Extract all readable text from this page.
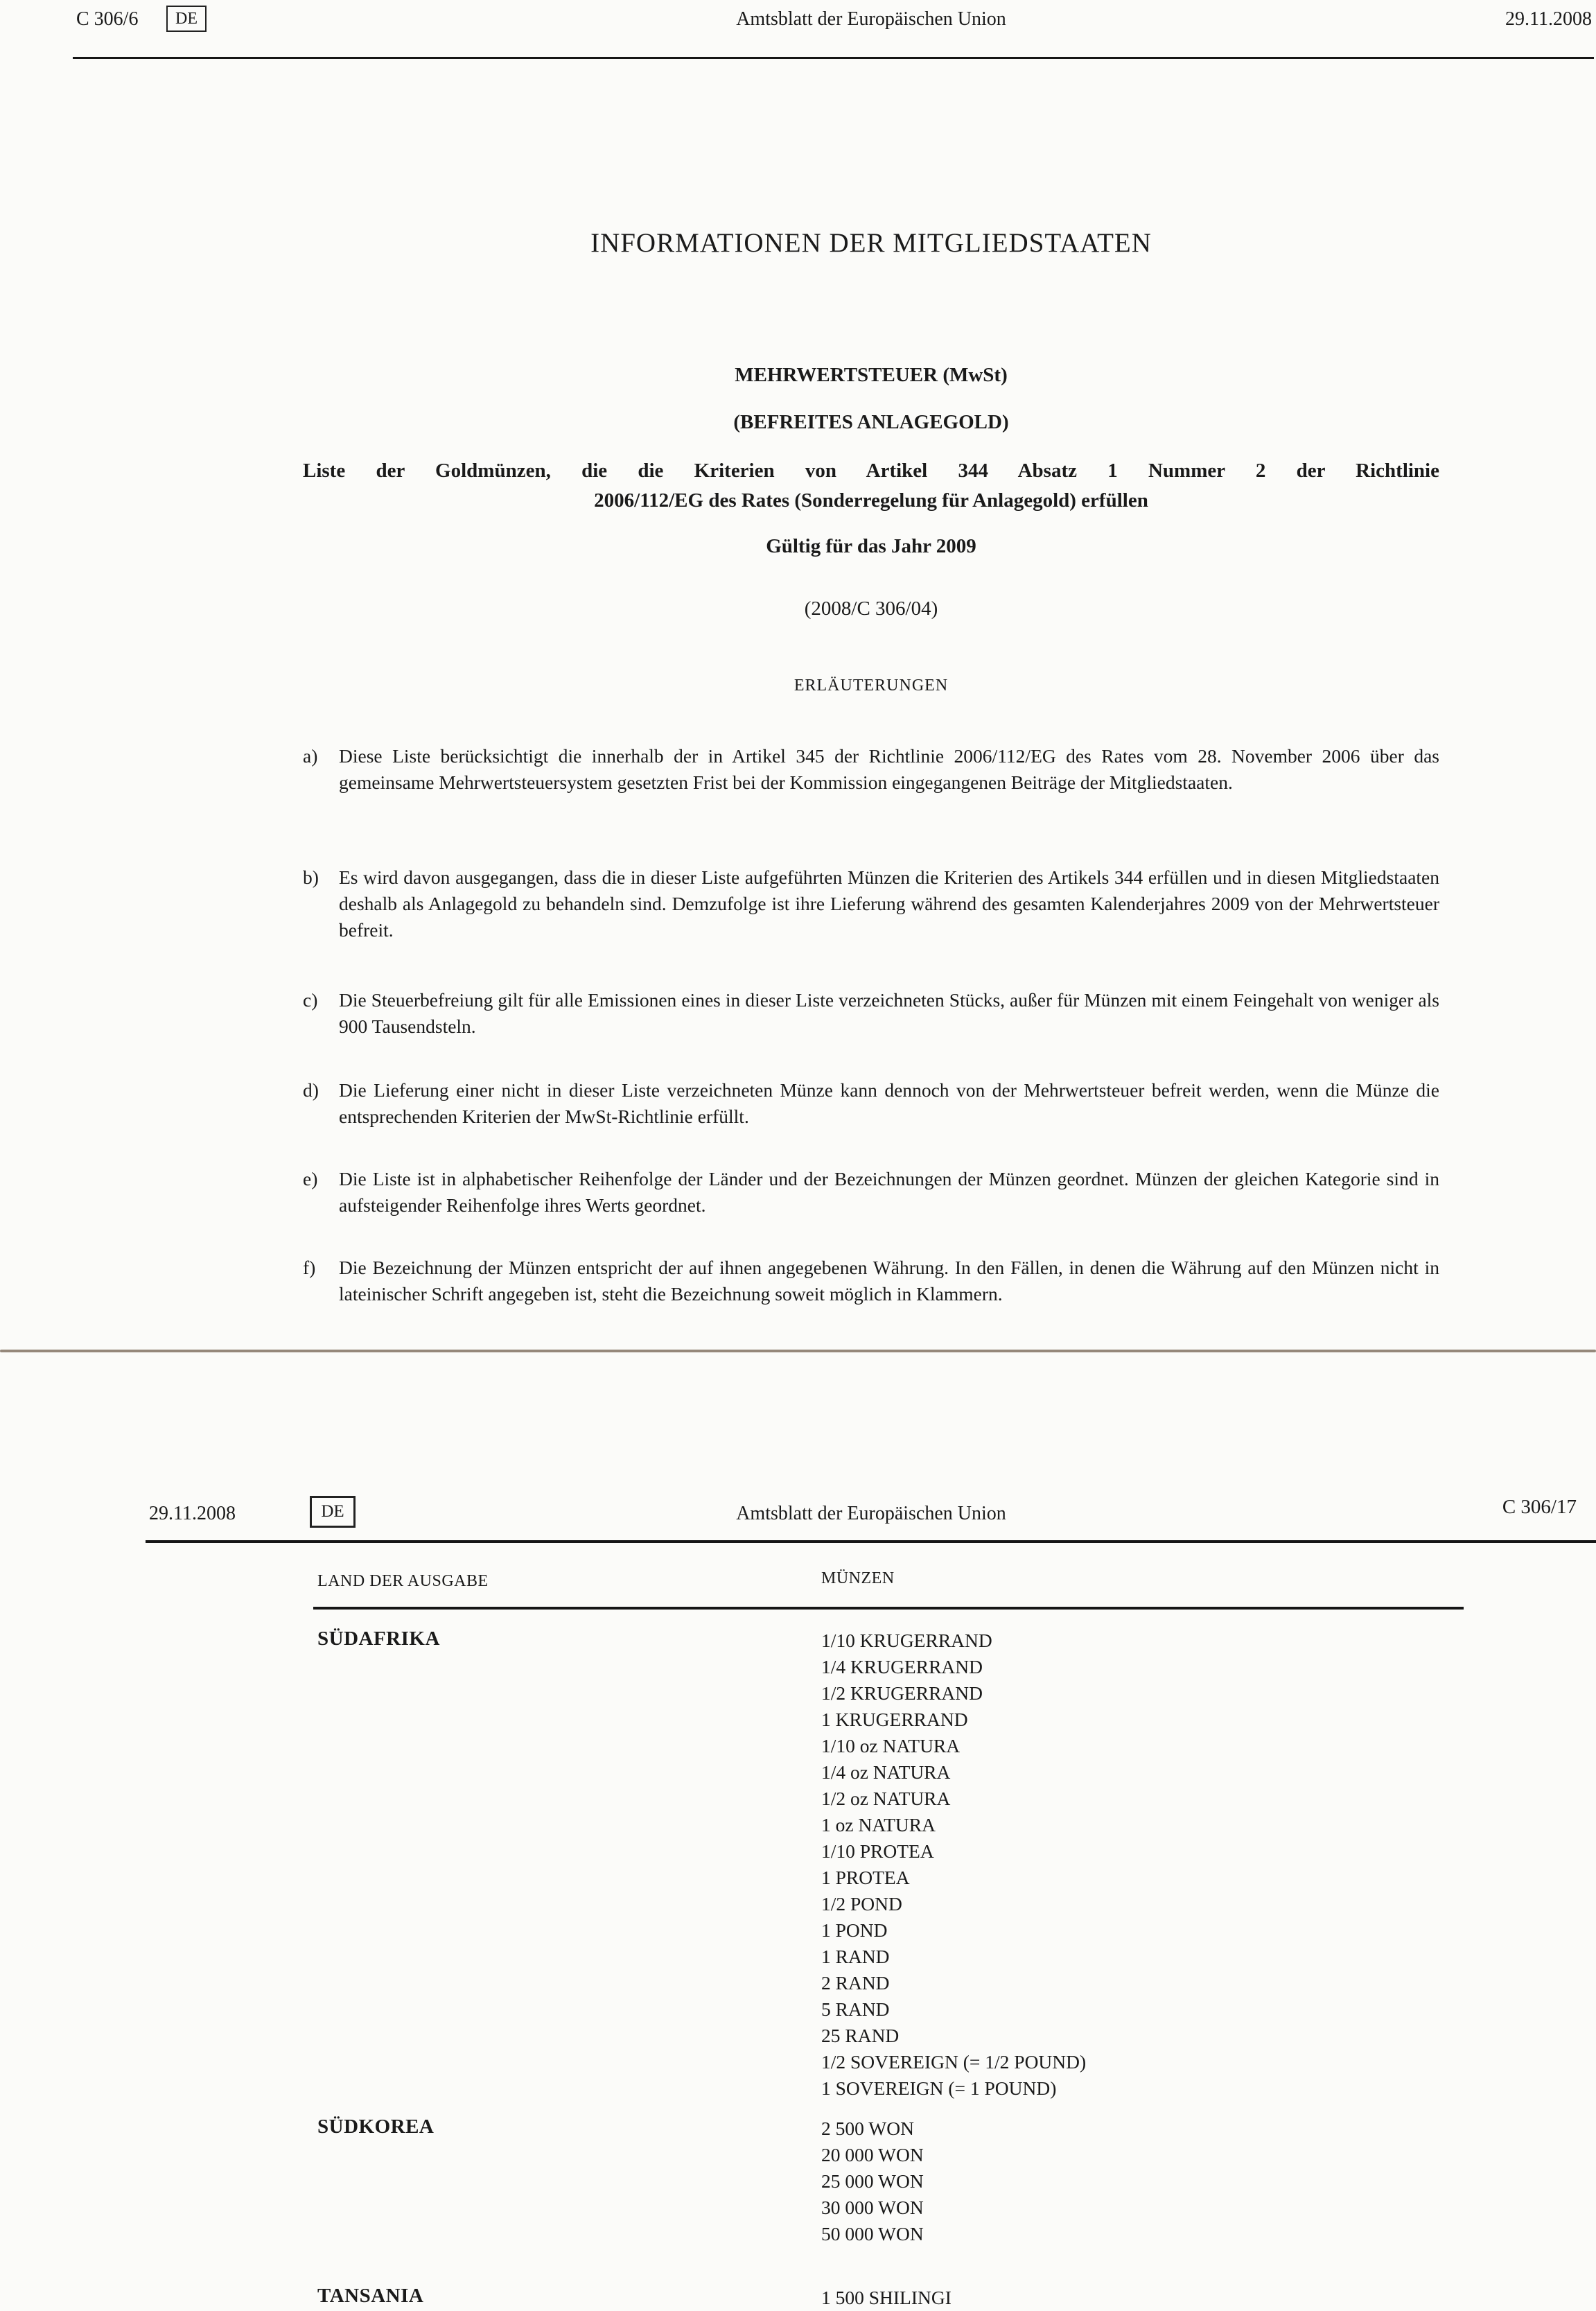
C 306/6	DE	Amtsblatt der Europäischen Union	29.11.2008
INFORMATIONEN DER MITGLIEDSTAATEN
MEHRWERTSTEUER (MwSt)
(BEFREITES ANLAGEGOLD)
Liste der Goldmünzen, die die Kriterien von Artikel 344 Absatz 1 Nummer 2 der Richtlinie
2006/112/EG des Rates (Sonderregelung für Anlagegold) erfüllen
Gültig für das Jahr 2009
(2008/C 306/04)
ERLÄUTERUNGEN
a) Diese Liste berücksichtigt die innerhalb der in Artikel 345 der Richtlinie 2006/112/EG des Rates vom 28. November 2006 über das gemeinsame Mehrwertsteuersystem gesetzten Frist bei der Kommission eingegangenen Beiträge der Mitgliedstaaten.
b) Es wird davon ausgegangen, dass die in dieser Liste aufgeführten Münzen die Kriterien des Artikels 344 erfüllen und in diesen Mitgliedstaaten deshalb als Anlagegold zu behandeln sind. Demzufolge ist ihre Lieferung während des gesamten Kalenderjahres 2009 von der Mehrwertsteuer befreit.
c) Die Steuerbefreiung gilt für alle Emissionen eines in dieser Liste verzeichneten Stücks, außer für Münzen mit einem Feingehalt von weniger als 900 Tausendsteln.
d) Die Lieferung einer nicht in dieser Liste verzeichneten Münze kann dennoch von der Mehrwertsteuer befreit werden, wenn die Münze die entsprechenden Kriterien der MwSt-Richtlinie erfüllt.
e) Die Liste ist in alphabetischer Reihenfolge der Länder und der Bezeichnungen der Münzen geordnet. Münzen der gleichen Kategorie sind in aufsteigender Reihenfolge ihres Werts geordnet.
f) Die Bezeichnung der Münzen entspricht der auf ihnen angegebenen Währung. In den Fällen, in denen die Währung auf den Münzen nicht in lateinischer Schrift angegeben ist, steht die Bezeichnung soweit möglich in Klammern.
29.11.2008	DE	Amtsblatt der Europäischen Union	C 306/17
LAND DER AUSGABE	MÜNZEN
SÜDAFRIKA	1/10 KRUGERRAND
1/4 KRUGERRAND
1/2 KRUGERRAND
1 KRUGERRAND
1/10 oz NATURA
1/4 oz NATURA
1/2 oz NATURA
1 oz NATURA
1/10 PROTEA
1 PROTEA
1/2 POND
1 POND
1 RAND
2 RAND
5 RAND
25 RAND
1/2 SOVEREIGN (= 1/2 POUND)
1 SOVEREIGN (= 1 POUND)
SÜDKOREA	2 500 WON
20 000 WON
25 000 WON
30 000 WON
50 000 WON
TANSANIA	1 500 SHILINGI
